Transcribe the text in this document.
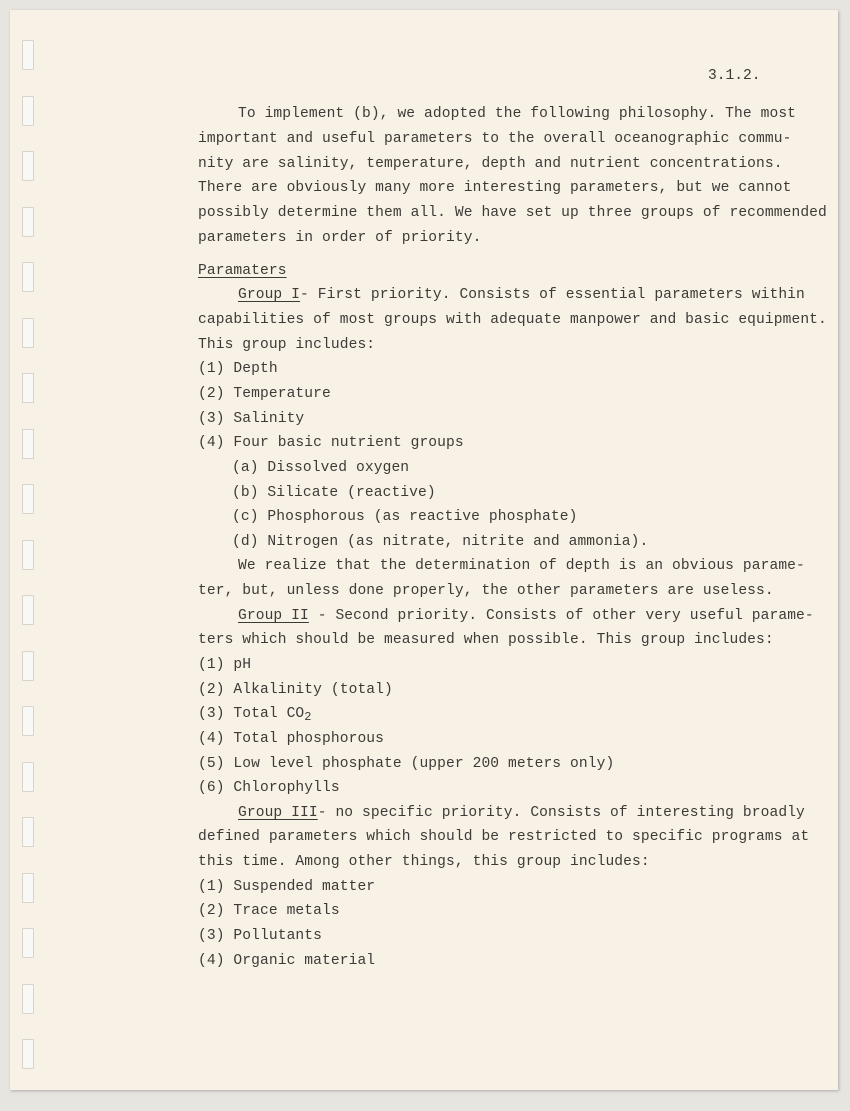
3.1.2.
To implement (b), we adopted the following philosophy. The most
important and useful parameters to the overall oceanographic commu-
nity are salinity, temperature, depth and nutrient concentrations.
There are obviously many more interesting parameters, but we cannot
possibly determine them all. We have set up three groups of recommended
parameters in order of priority.
Paramaters
Group I- First priority. Consists of essential parameters within
capabilities of most groups with adequate manpower and basic equipment.
This group includes:
(1) Depth
(2) Temperature
(3) Salinity
(4) Four basic nutrient groups
(a) Dissolved oxygen
(b) Silicate (reactive)
(c) Phosphorous (as reactive phosphate)
(d) Nitrogen (as nitrate, nitrite and ammonia).
We realize that the determination of depth is an obvious parame-
ter, but, unless done properly, the other parameters are useless.
Group II - Second priority. Consists of other very useful parame-
ters which should be measured when possible. This group includes:
(1) pH
(2) Alkalinity (total)
(3) Total $CO_2$
(4) Total phosphorous
(5) Low level phosphate (upper 200 meters only)
(6) Chlorophylls
Group III- no specific priority. Consists of interesting broadly
defined parameters which should be restricted to specific programs at
this time. Among other things, this group includes:
(1) Suspended matter
(2) Trace metals
(3) Pollutants
(4) Organic material
